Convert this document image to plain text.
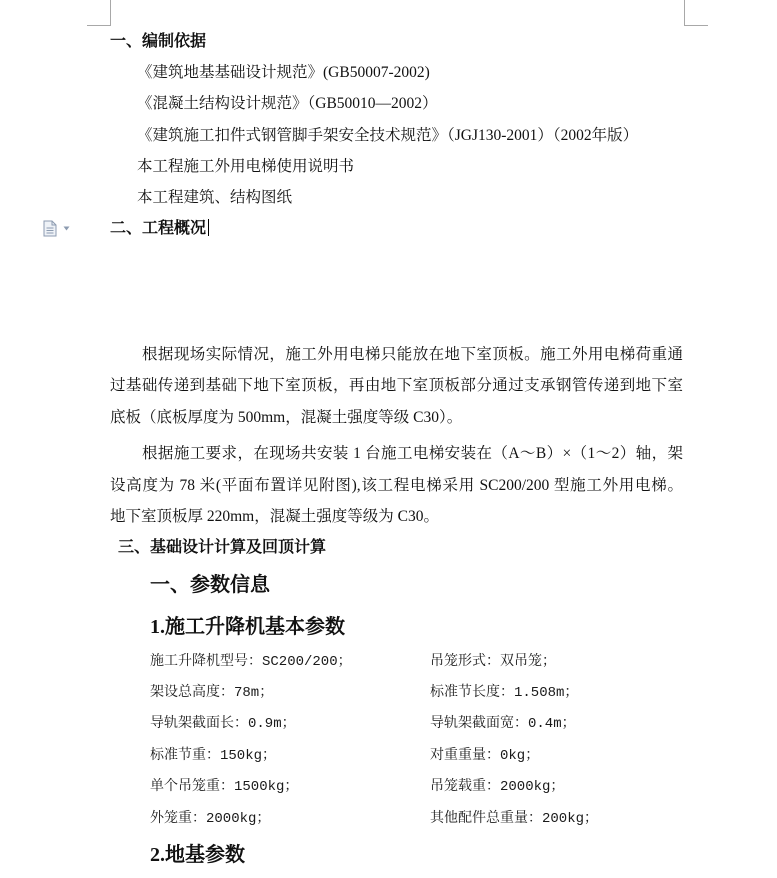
一、编制依据
《建筑地基基础设计规范》(GB50007-2002)
《混凝土结构设计规范》（GB50010—2002）
《建筑施工扣件式钢管脚手架安全技术规范》（JGJ130-2001）（2002年版）
本工程施工外用电梯使用说明书
本工程建筑、结构图纸
二、工程概况
根据现场实际情况，施工外用电梯只能放在地下室顶板。施工外用电梯荷重通
过基础传递到基础下地下室顶板，再由地下室顶板部分通过支承钢管传递到地下室
底板（底板厚度为 500mm，混凝土强度等级 C30）。
根据施工要求，在现场共安装 1 台施工电梯安装在（A～B）×（1～2）轴，架
设高度为 78 米(平面布置详见附图),该工程电梯采用 SC200/200 型施工外用电梯。
地下室顶板厚 220mm，混凝土强度等级为 C30。
三、基础设计计算及回顶计算
一、参数信息
1.施工升降机基本参数
施工升降机型号：SC200/200；	吊笼形式：双吊笼；
架设总高度：78m；	标准节长度：1.508m；
导轨架截面长：0.9m；	导轨架截面宽：0.4m；
标准节重：150kg；	对重重量：0kg；
单个吊笼重：1500kg；	吊笼载重：2000kg；
外笼重：2000kg；	其他配件总重量：200kg；
2.地基参数
